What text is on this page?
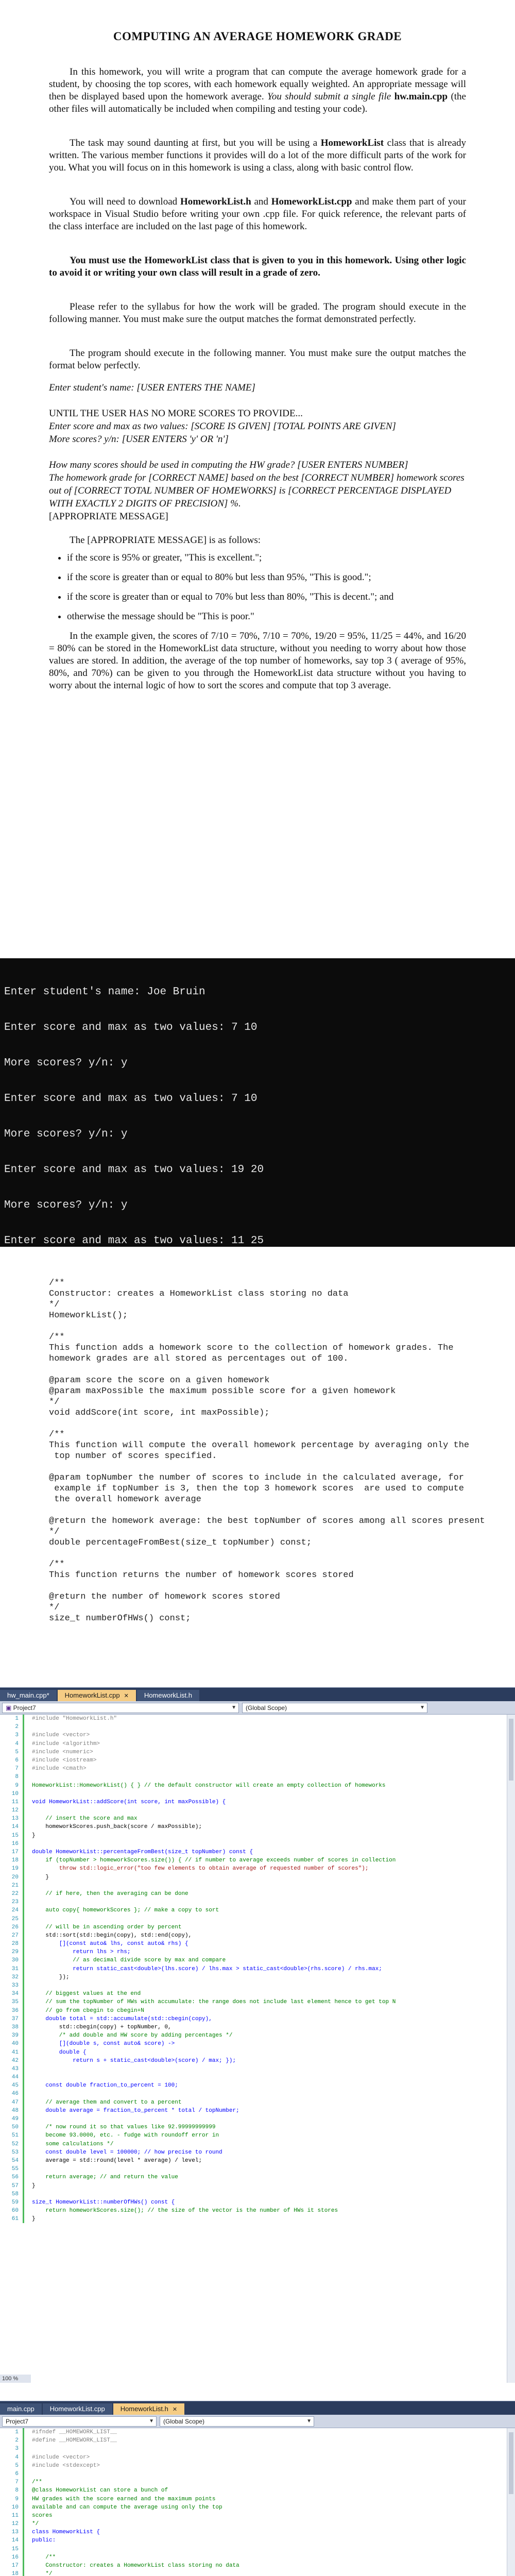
COMPUTING AN AVERAGE HOMEWORK GRADE

In this homework, you will write a program that can compute the average homework grade for a student, by choosing the top scores, with each homework equally weighted. An appropriate message will then be displayed based upon the homework average. You should submit a single file hw.main.cpp (the other files will automatically be included when compiling and testing your code).

The task may sound daunting at first, but you will be using a HomeworkList class that is already written. The various member functions it provides will do a lot of the more difficult parts of the work for you. What you will focus on in this homework is using a class, along with basic control flow.

You will need to download HomeworkList.h and HomeworkList.cpp and make them part of your workspace in Visual Studio before writing your own .cpp file. For quick reference, the relevant parts of the class interface are included on the last page of this homework.

You must use the HomeworkList class that is given to you in this homework. Using other logic to avoid it or writing your own class will result in a grade of zero.

Please refer to the syllabus for how the work will be graded. The program should execute in the following manner. You must make sure the output matches the format demonstrated perfectly.

The program should execute in the following manner. You must make sure the output matches the format below perfectly.

Enter student's name: [USER ENTERS THE NAME]
UNTIL THE USER HAS NO MORE SCORES TO PROVIDE...
Enter score and max as two values: [SCORE IS GIVEN] [TOTAL POINTS ARE GIVEN]
More scores? y/n: [USER ENTERS 'y' OR 'n']
How many scores should be used in computing the HW grade? [USER ENTERS NUMBER]
The homework grade for [CORRECT NAME] based on the best [CORRECT NUMBER] homework scores out of [CORRECT TOTAL NUMBER OF HOMEWORKS] is [CORRECT PERCENTAGE DISPLAYED WITH EXACTLY 2 DIGITS OF PRECISION] %.
[APPROPRIATE MESSAGE]

The [APPROPRIATE MESSAGE] is as follows:

• if the score is 95% or greater, "This is excellent.";
• if the score is greater than or equal to 80% but less than 95%, "This is good.";
• if the score is greater than or equal to 70% but less than 80%, "This is decent."; and
• otherwise the message should be "This is poor."

In the example given, the scores of 7/10 = 70%, 7/10 = 70%, 19/20 = 95%, 11/25 = 44%, and 16/20 = 80% can be stored in the HomeworkList data structure, without you needing to worry about how those values are stored. In addition, the average of the top number of homeworks, say top 3 ( average of 95%, 80%, and 70%) can be given to you through the HomeworkList data structure without you having to worry about the internal logic of how to sort the scores and compute that top 3 average.

Enter student's name: Joe Bruin

Enter score and max as two values: 7 10

More scores? y/n: y

Enter score and max as two values: 7 10

More scores? y/n: y

Enter score and max as two values: 19 20

More scores? y/n: y

Enter score and max as two values: 11 25

/**
Constructor: creates a HomeworkList class storing no data
*/
HomeworkList();
/**
This function adds a homework score to the collection of homework grades. The
homework grades are all stored as percentages out of 100.
@param score the score on a given homework
@param maxPossible the maximum possible score for a given homework
*/
void addScore(int score, int maxPossible);
/**
This function will compute the overall homework percentage by averaging only the
top number of scores specified.
@param topNumber the number of scores to include in the calculated average, for
example if topNumber is 3, then the top 3 homework scores  are used to compute
the overall homework average
@return the homework average: the best topNumber of scores among all scores present
*/
double percentageFromBest(size_t topNumber) const;
/**
This function returns the number of homework scores stored
@return the number of homework scores stored
*/
size_t numberOfHWs() const;
hw_main.cpp*	HomeworkList.cpp ✕	HomeworkList.h
▣ Project7	▼	(Global Scope)	▼
1	#include "HomeworkList.h"
2
3	#include <vector>
4	#include <algorithm>
5	#include <numeric>
6	#include <iostream>
7	#include <cmath>
8
9	HomeworkList::HomeworkList() { } // the default constructor will create an empty collection of homeworks
10
11	void HomeworkList::addScore(int score, int maxPossible) {
12
13	// insert the score and max
14	homeworkScores.push_back(score / maxPossible);
15	}
16
17	double HomeworkList::percentageFromBest(size_t topNumber) const {
18	if (topNumber > homeworkScores.size()) { // if number to average exceeds number of scores in collection
19	throw std::logic_error("too few elements to obtain average of requested number of scores");
20	}
21
22	// if here, then the averaging can be done
23
24	auto copy{ homeworkScores }; // make a copy to sort
25
26	// will be in ascending order by percent
27	std::sort(std::begin(copy), std::end(copy),
28	[](const auto& lhs, const auto& rhs) {
29	return lhs > rhs;
30	// as decimal divide score by max and compare
31	return static_cast<double>(lhs.score) / lhs.max > static_cast<double>(rhs.score) / rhs.max;
32	});
33
34	// biggest values at the end
35	// sum the topNumber of HWs with accumulate: the range does not include last element hence to get top N
36	// go from cbegin to cbegin+N
37	double total = std::accumulate(std::cbegin(copy),
38	std::cbegin(copy) + topNumber, 0,
39	/* add double and HW score by adding percentages */
40	[](double s, const auto& score) ->
41	double {
42	return s + static_cast<double>(score) / max; });
43
44
45	const double fraction_to_percent = 100;
46
47	// average them and convert to a percent
48	double average = fraction_to_percent * total / topNumber;
49
50	/* now round it so that values like 92.99999999999
51	become 93.0000, etc. - fudge with roundoff error in
52	some calculations */
53	const double level = 100000; // how precise to round
54	average = std::round(level * average) / level;
55
56	return average; // and return the value
57	}
58
59	size_t HomeworkList::numberOfHWs() const {
60	return homeworkScores.size(); // the size of the vector is the number of HWs it stores
61	}
100 %
main.cpp	HomeworkList.cpp	HomeworkList.h ✕
Project7	▼	(Global Scope)	▼
1	#ifndef __HOMEWORK_LIST__
2	#define __HOMEWORK_LIST__
3
4	#include <vector>
5	#include <stdexcept>
6
7	/**
8	@class HomeworkList can store a bunch of
9	HW grades with the score earned and the maximum points
10	available and can compute the average using only the top
11	scores
12	*/
13	class HomeworkList {
14	public:
15
16	/**
17	Constructor: creates a HomeworkList class storing no data
18	*/
